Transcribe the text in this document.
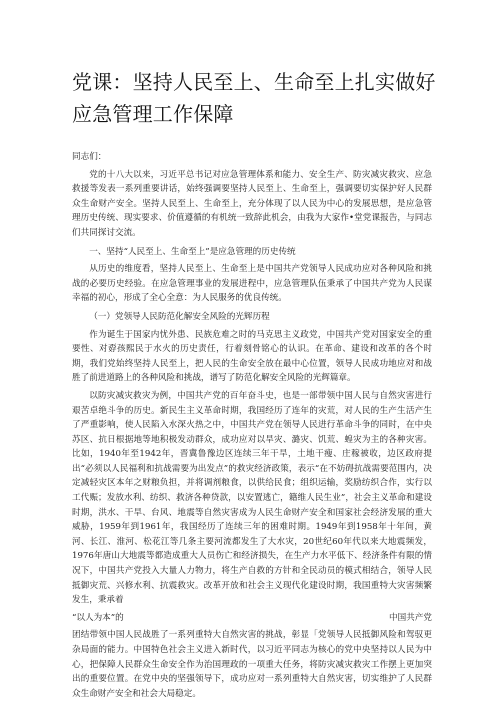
党课：坚持人民至上、生命至上扎实做好应急管理工作保障

同志们：

党的十八大以来，习近平总书记对应急管理体系和能力、安全生产、防灾减灾救灾、应急救援等发表一系列重要讲话，始终强调要坚持人民至上、生命至上，强调要切实保护好人民群众生命财产安全。坚持人民至上、生命至上，充分体现了以人民为中心的发展思想，是应急管理历史传统、现实要求、价值遵循的有机统一致辞此机会，由我为大家作•堂党课报告，与同志们共同探讨交流。

一、坚持“人民至上、生命至上”是应急管理的历史传统

从历史的维度看，坚持人民至上、生命至上是中国共产党领导人民成功应对各种风险和挑战的必要历史经验。在应急管理事业的发展进程中，应急管理队伍秉承了中国共产党为人民谋幸福的初心，形成了全心全意：为人民服务的优良传统。

（一）党领导人民防范化解安全风险的光辉历程

作为诞生于国家内忧外患、民族危难之时的马克思主义政党，中国共产党对国家安全的重要性、对孬孩熙民于水火的历史责任，行着刻骨铭心的认识。在革命、建设和改革的各个时期，我们党始终坚持人民至上，把人民的生命安全放在最中心位置，领导人民成功地应对和战胜了前进道路上的各种风险和挑战，谱写了防范化解安全风险的光辉篇章。

以防灾减灾救灾为例，中国共产党的百年奋斗史，也是一部带领中国人民与自然灾害进行艰苦卓绝斗争的历史。新民生主义革命时期，我国经历了连年的灾荒，对人民的生产生活产生了严重影响，使人民陷入水深火热之中，中国共产党在领导人民进行革命斗争的同时，在中央苏区、抗日根据地等地积极发动群众，成功应对以旱灾、潞灾、饥荒、蝗灾为主的各种灾害。比如，1940年至1942年，晋冀鲁豫边区连续三年干旱，土地干瘦、庄稼被收，边区政府提出“必须以人民福利和抗战需要为出发点”的救灾经济政策，表示“在不妨碍抗战需要范围内，决定减轻灾区本年之财粮负担，并将调剂粮食，以供给民食；组织运输，奖励纺织合作，实行以工代赈；发放水利、纺织、救济各种贷款，以安置逃亡，籍维人民生业”，社会主义革命和建设时期，洪水、干旱、台风、地震等自然灾害成为人民生命财产安全和国家社会经济发展的重大威胁，1959年到1961年，我国经历了连续三年的困难时期。1949年到1958年十年间，黄河、长江、淮河、松花江等几条主要河流都发生了大水灾，20世纪60年代以来大地震频发，1976年唐山大地震等都造成重大人员伤亡和经济损失，在生产力水平低下、经济条件有限的情况下，中国共产党投入大量人力物力，将生产自救的方针和全民动员的模式相结合，领导人民抵御灾荒、兴修水利、抗震救灾。改革开放和社会主义现代化建设时期，我国重特大灾害频繁发生，秉承着

“以人为本”的	中国共产党

团结带领中国人民战胜了一系列重特大自然灾害的挑战，彰显「党领导人民抵御风险和驾驭更杂局面的能力。中国特色社会主义进入新时代，以习近平同志为核心的党中央坚持以人民为中心，把保障人民群众生命安全作为治国理政的一项重大任务，将防灾减灾救灾工作摆上更加突出的重要位置。在党中央的坚强领导下，成功应对一系列重特大自然灾害，切实维护了人民群众生命财产安全和社会大局稳定。
